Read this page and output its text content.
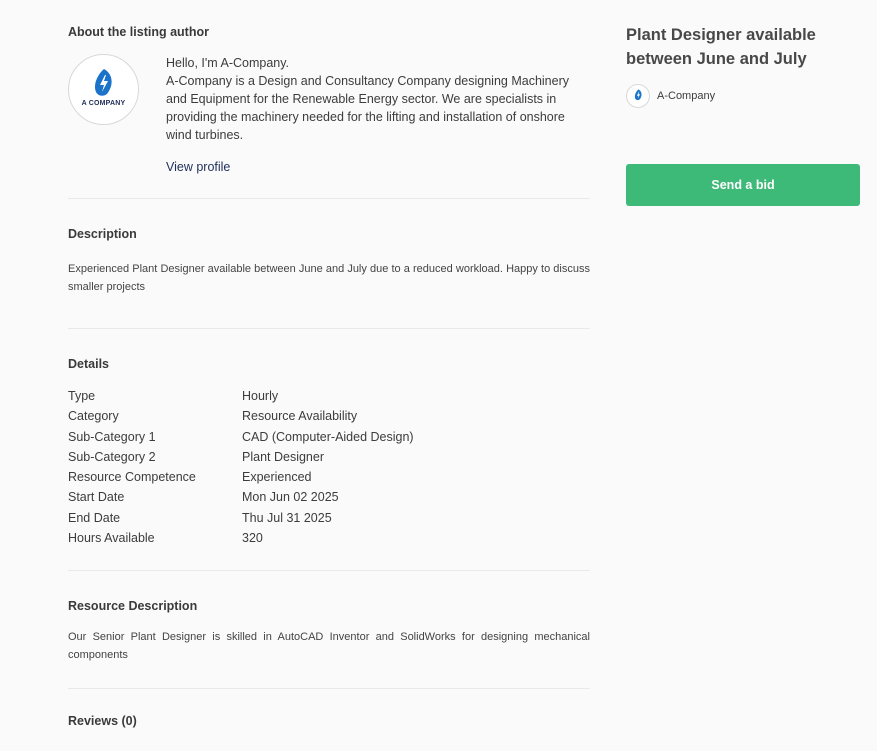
About the listing author
A COMPANY
Hello, I'm A-Company.
A-Company is a Design and Consultancy Company designing Machinery and Equipment for the Renewable Energy sector. We are specialists in providing the machinery needed for the lifting and installation of onshore wind turbines.
View profile
Description
Experienced Plant Designer available between June and July due to a reduced workload. Happy to discuss smaller projects
Details
Type	Hourly
Category	Resource Availability
Sub-Category 1	CAD (Computer-Aided Design)
Sub-Category 2	Plant Designer
Resource Competence	Experienced
Start Date	Mon Jun 02 2025
End Date	Thu Jul 31 2025
Hours Available	320
Resource Description
Our Senior Plant Designer is skilled in AutoCAD Inventor and SolidWorks for designing mechanical components
Reviews (0)
Plant Designer available between June and July
A-Company
Send a bid
